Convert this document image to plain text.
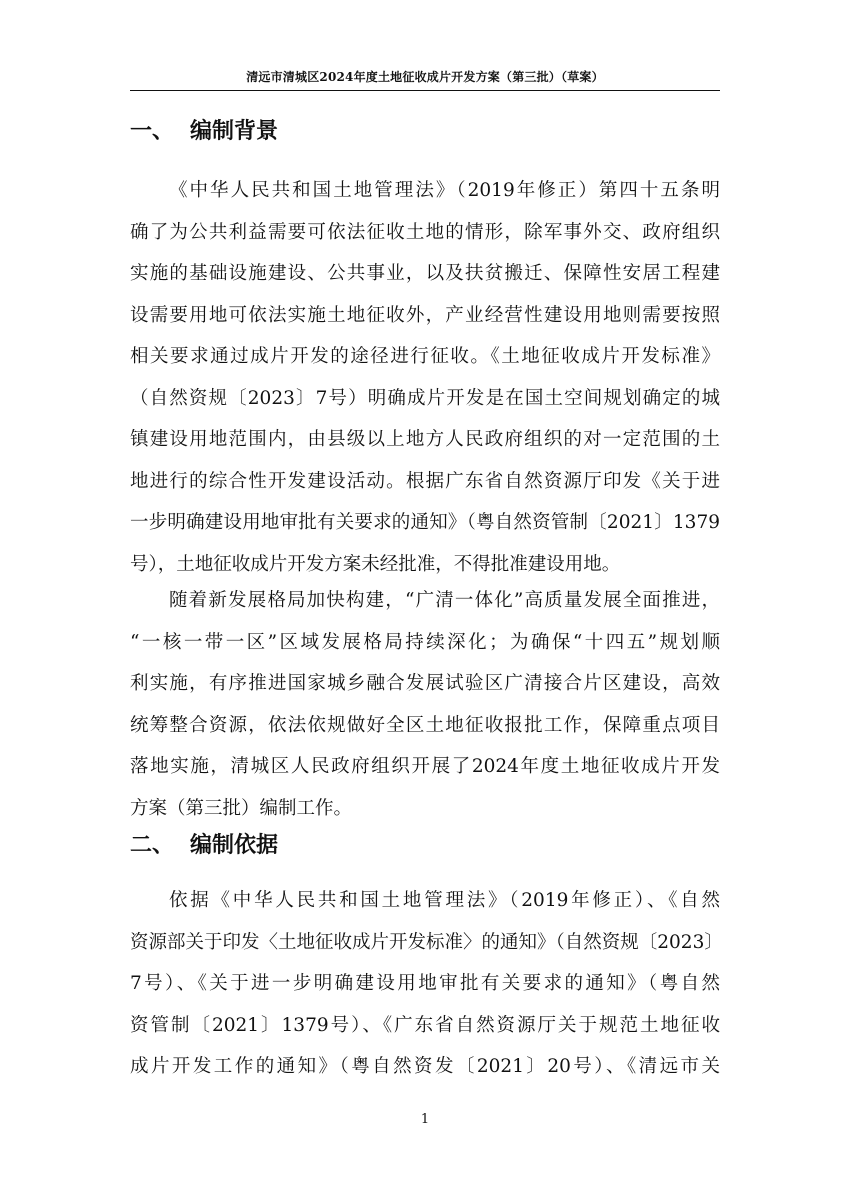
清远市清城区2024年度土地征收成片开发方案（第三批）（草案）
一、 编制背景
《中华人民共和国土地管理法》（2019年修正）第四十五条明
确了为公共利益需要可依法征收土地的情形，除军事外交、政府组织
实施的基础设施建设、公共事业，以及扶贫搬迁、保障性安居工程建
设需要用地可依法实施土地征收外，产业经营性建设用地则需要按照
相关要求通过成片开发的途径进行征收。《土地征收成片开发标准》
（自然资规〔2023〕7号）明确成片开发是在国土空间规划确定的城
镇建设用地范围内，由县级以上地方人民政府组织的对一定范围的土
地进行的综合性开发建设活动。根据广东省自然资源厅印发《关于进
一步明确建设用地审批有关要求的通知》（粤自然资管制〔2021〕1379
号），土地征收成片开发方案未经批准，不得批准建设用地。
随着新发展格局加快构建，“广清一体化”高质量发展全面推进，
“一核一带一区”区域发展格局持续深化；为确保“十四五”规划顺
利实施，有序推进国家城乡融合发展试验区广清接合片区建设，高效
统筹整合资源，依法依规做好全区土地征收报批工作，保障重点项目
落地实施，清城区人民政府组织开展了2024年度土地征收成片开发
方案（第三批）编制工作。
二、 编制依据
依据《中华人民共和国土地管理法》（2019年修正）、《自然
资源部关于印发〈土地征收成片开发标准〉的通知》（自然资规〔2023〕
7号）、《关于进一步明确建设用地审批有关要求的通知》（粤自然
资管制〔2021〕1379号）、《广东省自然资源厅关于规范土地征收
成片开发工作的通知》（粤自然资发〔2021〕20号）、《清远市关
1
